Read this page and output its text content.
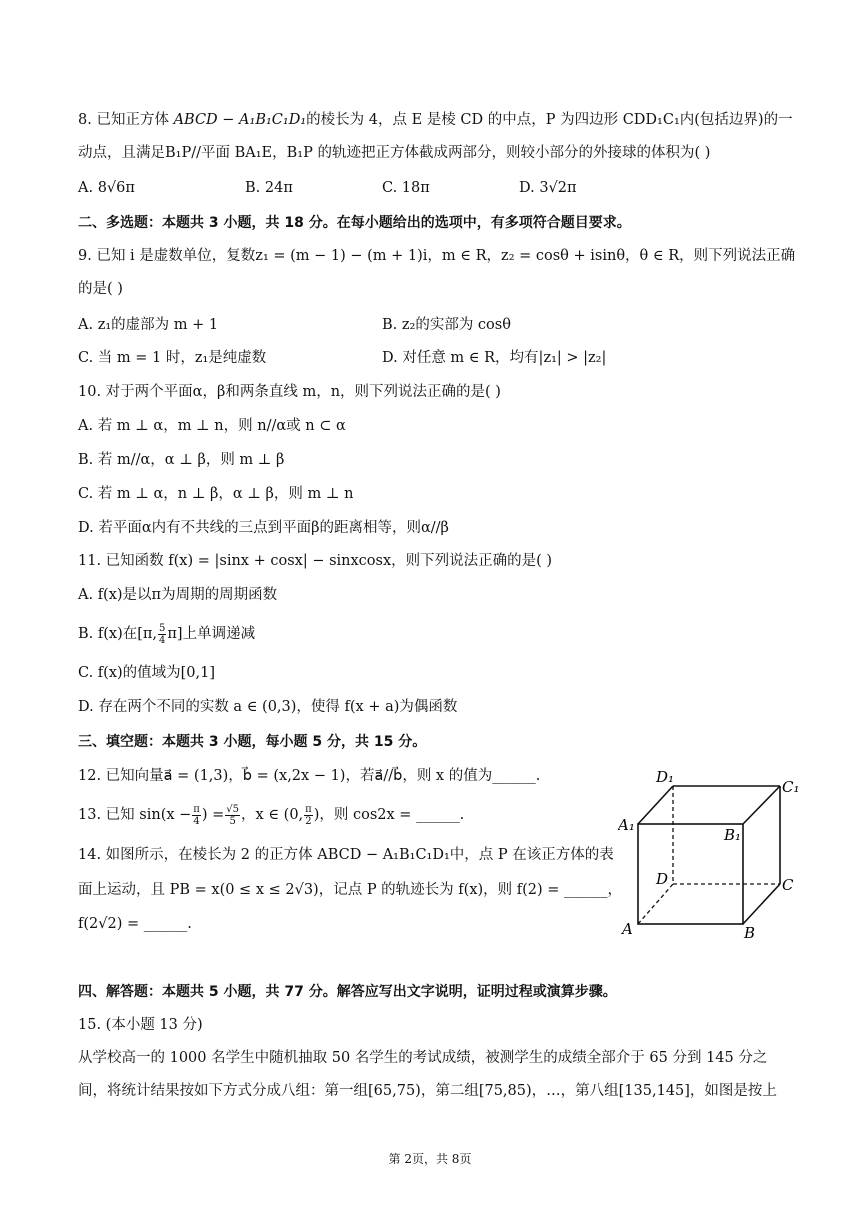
8. 已知正方体 ABCD − A₁B₁C₁D₁的棱长为 4，点 E 是棱 CD 的中点，P 为四边形 CDD₁C₁内(包括边界)的一
动点，且满足B₁P//平面 BA₁E，B₁P 的轨迹把正方体截成两部分，则较小部分的外接球的体积为( )
A. 8√6π	B. 24π	C. 18π	D. 3√2π
二、多选题：本题共 3 小题，共 18 分。在每小题给出的选项中，有多项符合题目要求。
9. 已知 i 是虚数单位，复数z₁ = (m − 1) − (m + 1)i，m ∈ R，z₂ = cosθ + isinθ，θ ∈ R，则下列说法正确
的是( )
A. z₁的虚部为 m + 1	B. z₂的实部为 cosθ
C. 当 m = 1 时，z₁是纯虚数	D. 对任意 m ∈ R，均有|z₁| > |z₂|
10. 对于两个平面α，β和两条直线 m，n，则下列说法正确的是( )
A. 若 m ⊥ α，m ⊥ n，则 n//α或 n ⊂ α
B. 若 m//α，α ⊥ β，则 m ⊥ β
C. 若 m ⊥ α，n ⊥ β，α ⊥ β，则 m ⊥ n
D. 若平面α内有不共线的三点到平面β的距离相等，则α//β
11. 已知函数 f(x) = |sinx + cosx| − sinxcosx，则下列说法正确的是( )
A. f(x)是以π为周期的周期函数
B. f(x)在[π, $\frac{5}{4} \pi$]上单调递减
C. f(x)的值域为[0,1]
D. 存在两个不同的实数 a ∈ (0,3)，使得 f(x + a)为偶函数
三、填空题：本题共 3 小题，每小题 5 分，共 15 分。
12. 已知向量a⃗ = (1,3)，b⃗ = (x,2x − 1)，若a⃗//b⃗，则 x 的值为______.
13. 已知 $\sin(x - \frac{\pi}{4}$ ) = $\frac{√5}{5}$ ，x ∈ (0, $\frac{\pi}{2}$ )，则 cos2x = ______.
14. 如图所示，在棱长为 2 的正方体 ABCD − A₁B₁C₁D₁中，点 P 在该正方体的表
面上运动，且 PB = x(0 ≤ x ≤ 2√3)，记点 P 的轨迹长为 f(x)，则 f(2) = ______，
f(2√2) = ______.
D₁
C₁
A₁
B₁
D	C
A	B
四、解答题：本题共 5 小题，共 77 分。解答应写出文字说明，证明过程或演算步骤。
15. (本小题 13 分)
从学校高一的 1000 名学生中随机抽取 50 名学生的考试成绩，被测学生的成绩全部介于 65 分到 145 分之
间，将统计结果按如下方式分成八组：第一组[65,75)，第二组[75,85)，…，第八组[135,145]，如图是按上
第 2页，共 8页
